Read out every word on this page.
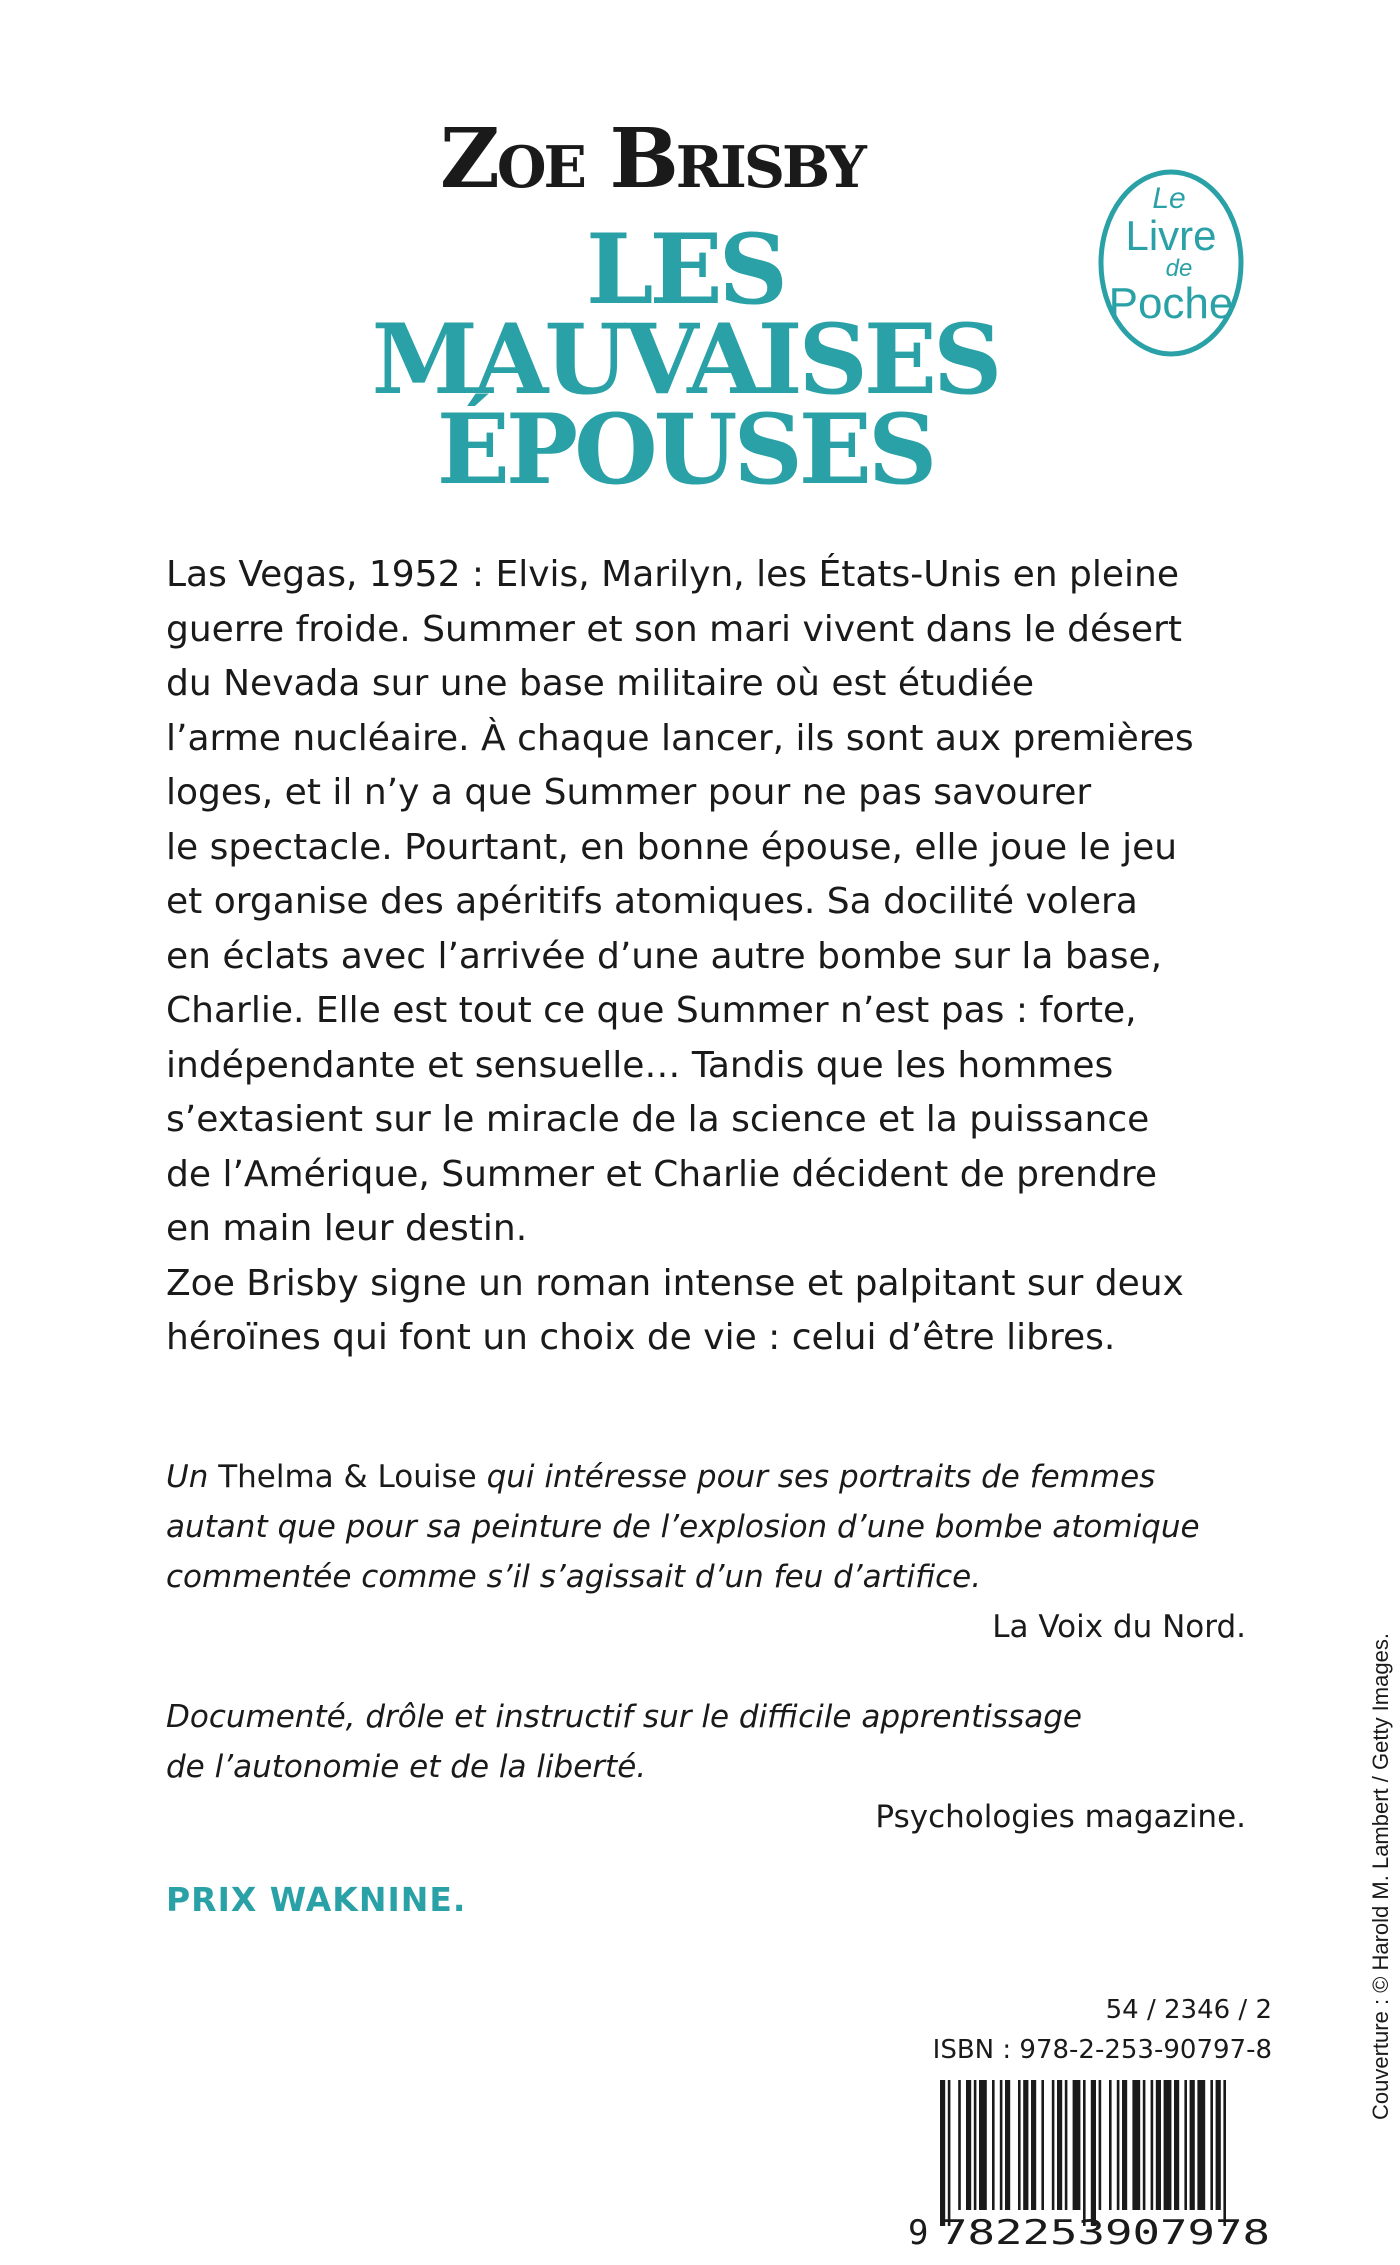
Zoe Brisby
LES
MAUVAISES
ÉPOUSES
Le
Livre
de
Poche
Las Vegas, 1952 : Elvis, Marilyn, les États-Unis en pleine
guerre froide. Summer et son mari vivent dans le désert
du Nevada sur une base militaire où est étudiée
l’arme nucléaire. À chaque lancer, ils sont aux premières
loges, et il n’y a que Summer pour ne pas savourer
le spectacle. Pourtant, en bonne épouse, elle joue le jeu
et organise des apéritifs atomiques. Sa docilité volera
en éclats avec l’arrivée d’une autre bombe sur la base,
Charlie. Elle est tout ce que Summer n’est pas : forte,
indépendante et sensuelle… Tandis que les hommes
s’extasient sur le miracle de la science et la puissance
de l’Amérique, Summer et Charlie décident de prendre
en main leur destin.
Zoe Brisby signe un roman intense et palpitant sur deux
héroïnes qui font un choix de vie : celui d’être libres.
Un Thelma & Louise qui intéresse pour ses portraits de femmes
autant que pour sa peinture de l’explosion d’une bombe atomique
commentée comme s’il s’agissait d’un feu d’artifice.
La Voix du Nord.
Documenté, drôle et instructif sur le difficile apprentissage
de l’autonomie et de la liberté.
Psychologies magazine.
PRIX WAKNINE.
54 / 2346 / 2
ISBN : 978-2-253-90797-8
9 782253907978
Couverture : © Harold M. Lambert / Getty Images.
